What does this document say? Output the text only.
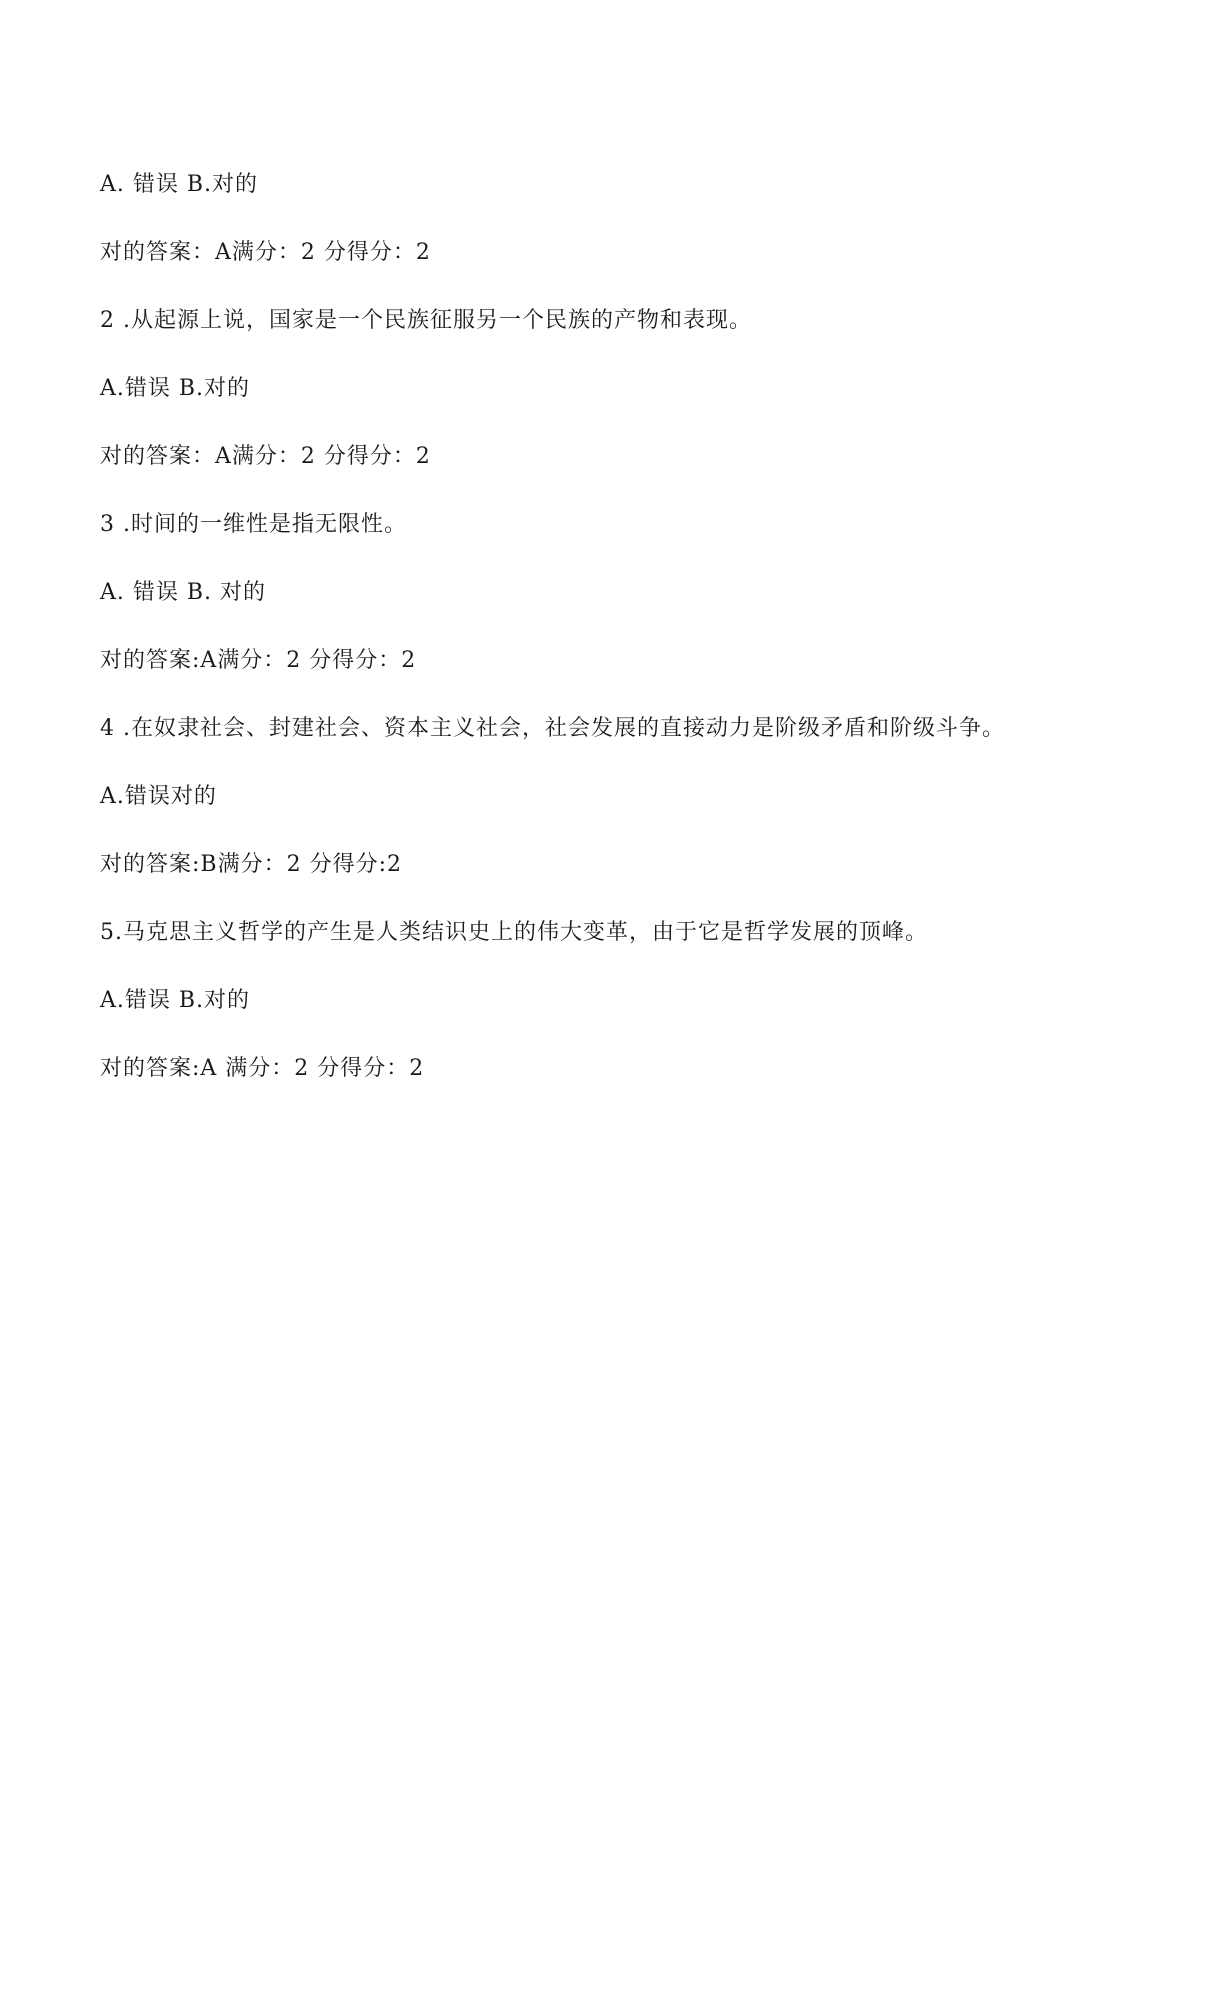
A. 错误 B.对的

对的答案：A满分：2 分得分：2

2 .从起源上说，国家是一个民族征服另一个民族的产物和表现。

A.错误 B.对的

对的答案：A满分：2 分得分：2

3 .时间的一维性是指无限性。

A. 错误 B. 对的

对的答案:A满分：2 分得分：2

4 .在奴隶社会、封建社会、资本主义社会，社会发展的直接动力是阶级矛盾和阶级斗争。

A.错误对的

对的答案:B满分：2 分得分:2

5.马克思主义哲学的产生是人类结识史上的伟大变革，由于它是哲学发展的顶峰。

A.错误 B.对的

对的答案:A 满分：2 分得分：2
